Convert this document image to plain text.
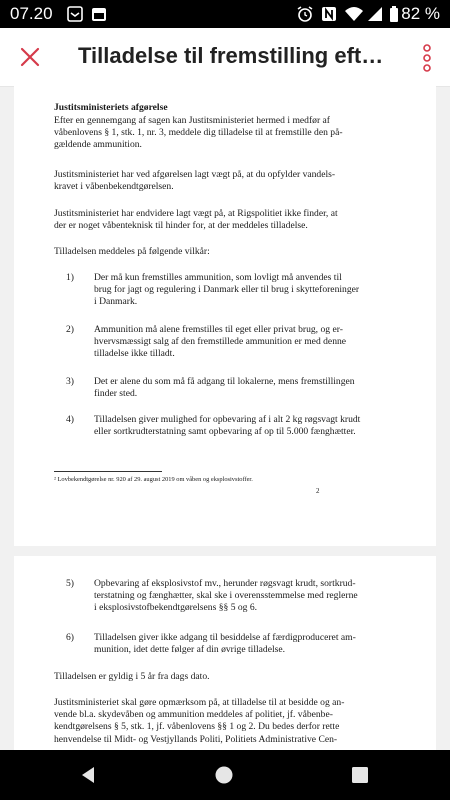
07.20	82 %
Tilladelse til fremstilling eft…

Justitsministeriets afgørelse

Efter en gennemgang af sagen kan Justitsministeriet hermed i medfør af våbenlovens § 1, stk. 1, nr. 3, meddele dig tilladelse til at fremstille den på-

gældende ammunition.

Justitsministeriet har ved afgørelsen lagt vægt på, at du opfylder vandels-

kravet i våbenbekendtgørelsen.

Justitsministeriet har endvidere lagt vægt på, at Rigspolitiet ikke finder, at

der er noget våbenteknisk til hinder for, at der meddeles tilladelse.

Tilladelsen meddeles på følgende vilkår:

1) Der må kun fremstilles ammunition, som lovligt må anvendes til

brug for jagt og regulering i Danmark eller til brug i skytteforeninger

i Danmark.

2) Ammunition må alene fremstilles til eget eller privat brug, og er-

hvervsmæssigt salg af den fremstillede ammunition er med denne

tilladelse ikke tilladt.

3) Det er alene du som må få adgang til lokalerne, mens fremstillingen

finder sted.

4) Tilladelsen giver mulighed for opbevaring af i alt 2 kg røgsvagt krudt

eller sortkrudterstatning samt opbevaring af op til 5.000 fænghætter.

² Lovbekendtgørelse nr. 920 af 29. august 2019 om våben og eksplosivstoffer.

2

5) Opbevaring af eksplosivstof mv., herunder røgsvagt krudt, sortkrud-

terstatning og fænghætter, skal ske i overensstemmelse med reglerne

i eksplosivstofbekendtgørelsens §§ 5 og 6.

6) Tilladelsen giver ikke adgang til besiddelse af færdigproduceret am-

munition, idet dette følger af din øvrige tilladelse.

Tilladelsen er gyldig i 5 år fra dags dato.

Justitsministeriet skal gøre opmærksom på, at tilladelse til at besidde og an-

vende bl.a. skydevåben og ammunition meddeles af politiet, jf. våbenbe-

kendtgørelsens § 5, stk. 1, jf. våbenlovens §§ 1 og 2. Du bedes derfor rette

henvendelse til Midt- og Vestjyllands Politi, Politiets Administrative Cen-
